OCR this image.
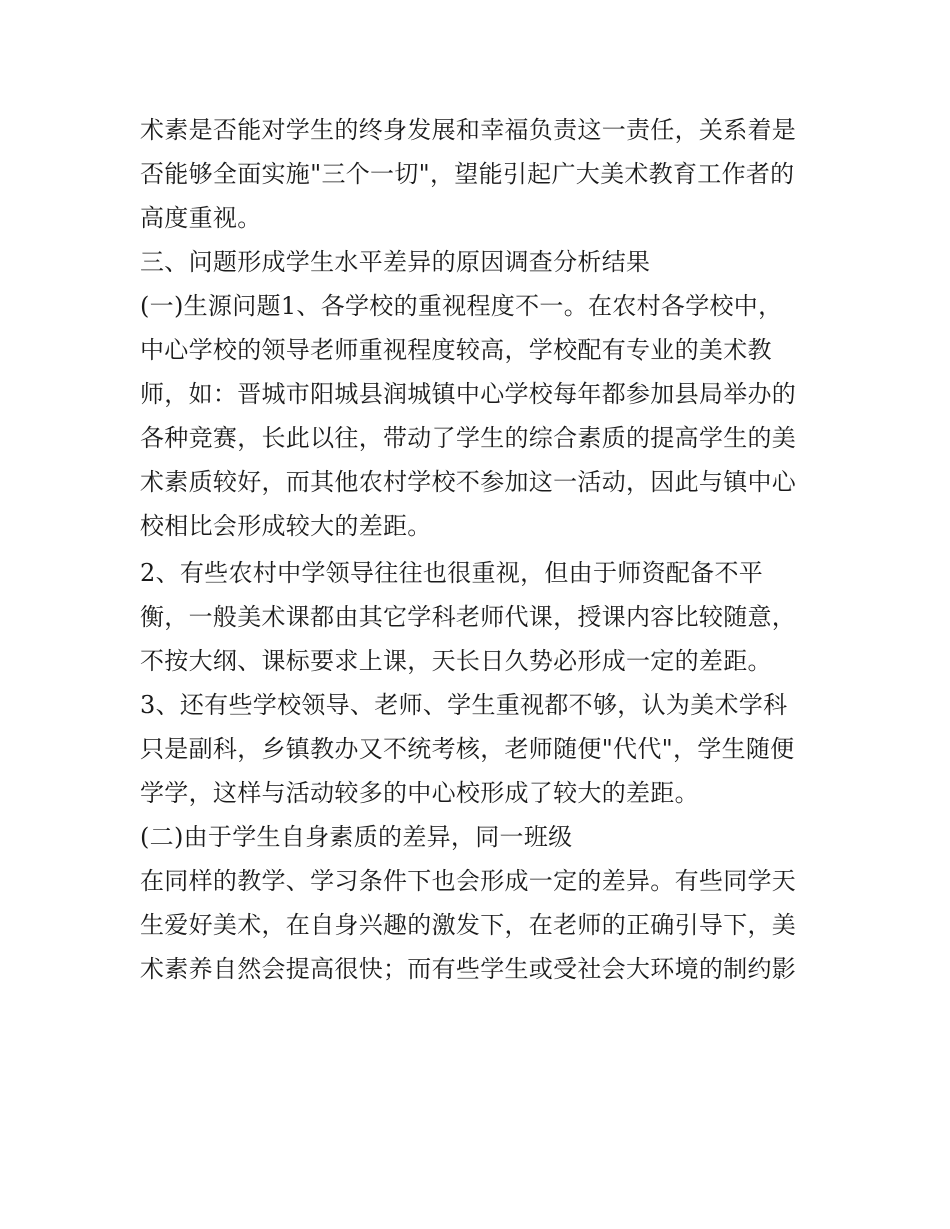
术素是否能对学生的终身发展和幸福负责这一责任，关系着是
否能够全面实施"三个一切"，望能引起广大美术教育工作者的
高度重视。
三、问题形成学生水平差异的原因调查分析结果
(一)生源问题1、各学校的重视程度不一。在农村各学校中，
中心学校的领导老师重视程度较高，学校配有专业的美术教
师，如：晋城市阳城县润城镇中心学校每年都参加县局举办的
各种竞赛，长此以往，带动了学生的综合素质的提高学生的美
术素质较好，而其他农村学校不参加这一活动，因此与镇中心
校相比会形成较大的差距。
2、有些农村中学领导往往也很重视，但由于师资配备不平
衡，一般美术课都由其它学科老师代课，授课内容比较随意，
不按大纲、课标要求上课，天长日久势必形成一定的差距。
3、还有些学校领导、老师、学生重视都不够，认为美术学科
只是副科，乡镇教办又不统考核，老师随便"代代"，学生随便
学学，这样与活动较多的中心校形成了较大的差距。
(二)由于学生自身素质的差异，同一班级
在同样的教学、学习条件下也会形成一定的差异。有些同学天
生爱好美术，在自身兴趣的激发下，在老师的正确引导下，美
术素养自然会提高很快；而有些学生或受社会大环境的制约影
